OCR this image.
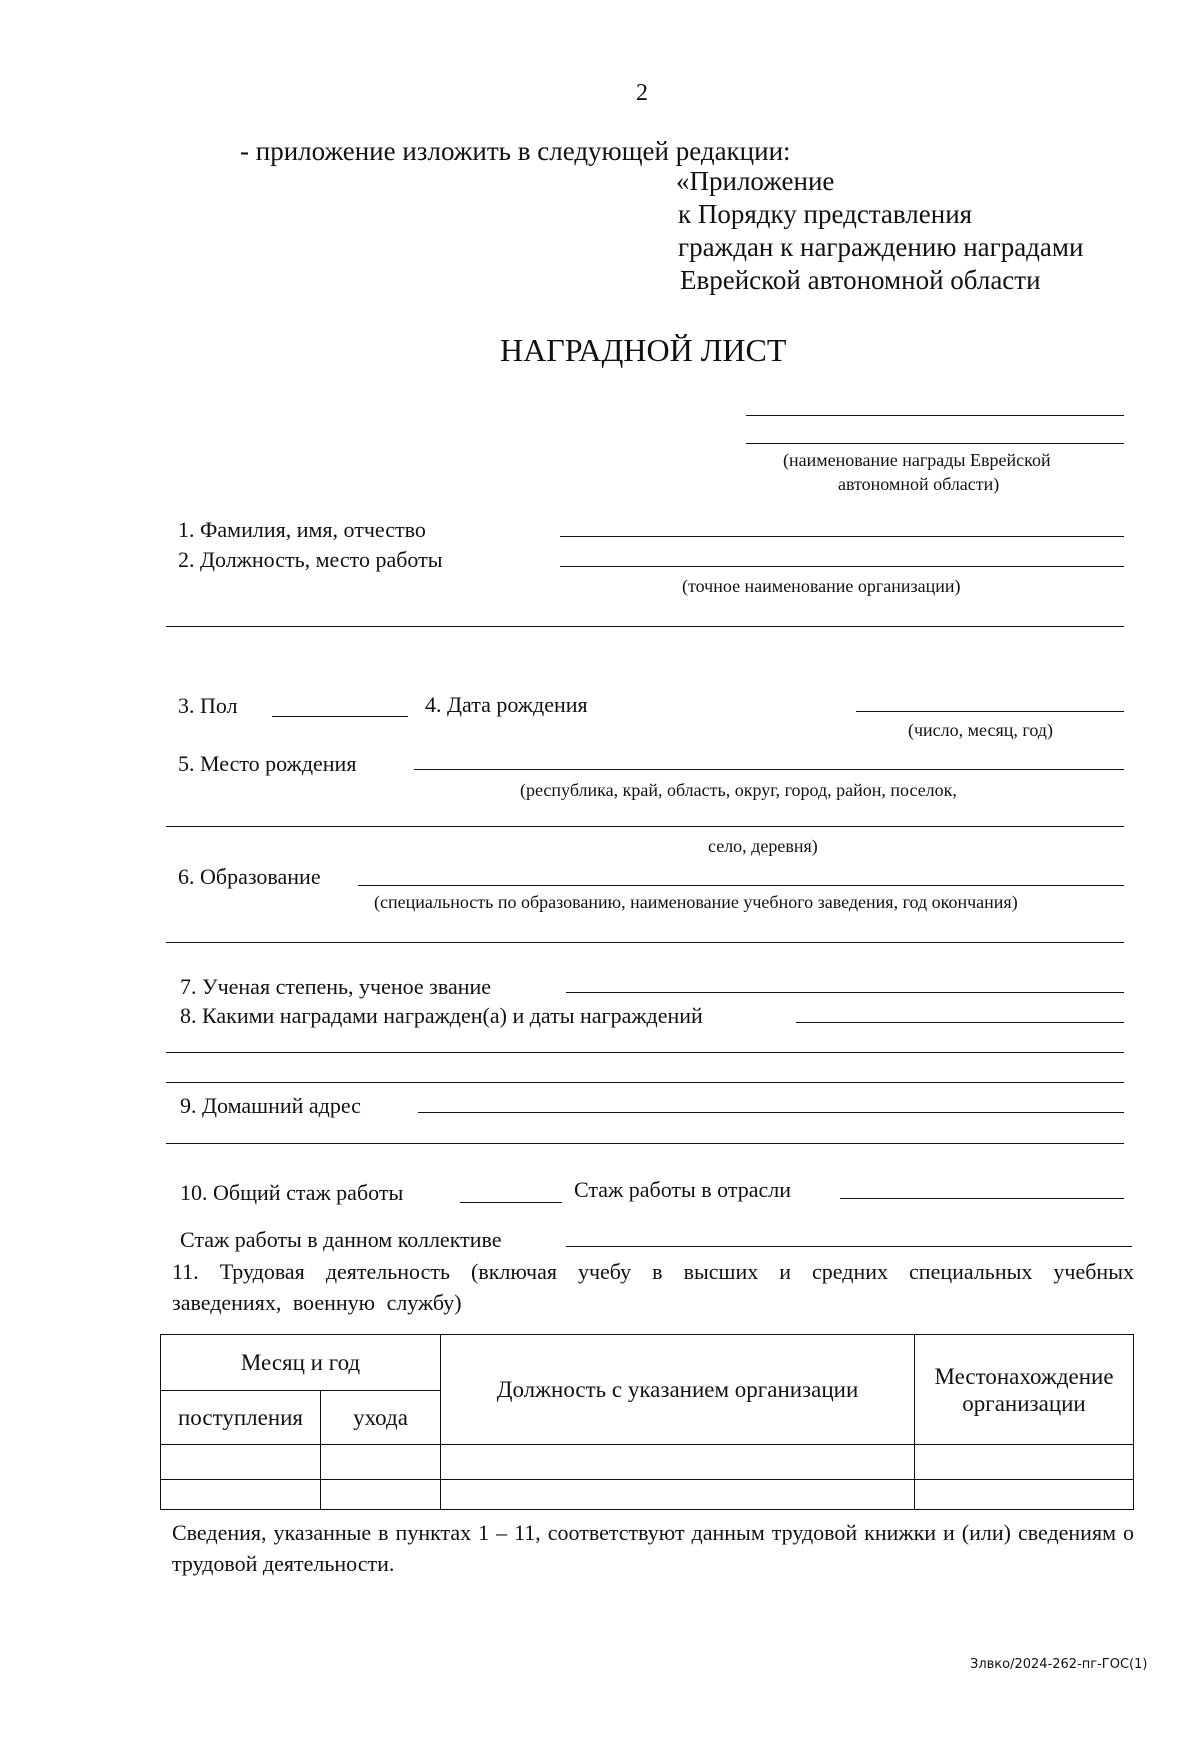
2
- приложение изложить в следующей редакции:
«Приложение
к Порядку представления
граждан к награждению наградами
Еврейской автономной области
НАГРАДНОЙ ЛИСТ
(наименование награды Еврейской
автономной области)
1. Фамилия, имя, отчество
2. Должность, место работы
(точное наименование организации)
3. Пол	4. Дата рождения
(число, месяц, год)
5. Место рождения
(республика, край, область, округ, город, район, поселок,
село, деревня)
6. Образование
(специальность по образованию, наименование учебного заведения, год окончания)
7. Ученая степень, ученое звание
8. Какими наградами награжден(а) и даты награждений
9. Домашний адрес
10. Общий стаж работы	Стаж работы в отрасли
Стаж работы в данном коллективе
11. Трудовая деятельность (включая учебу в высших и средних специальных учебных заведениях, военную службу)
Месяц и год		Должность с указанием организации	Местонахождение организации
поступления	ухода		

Сведения, указанные в пунктах 1 – 11, соответствуют данным трудовой книжки и (или) сведениям о трудовой деятельности.
Злвко/2024-262-пг-ГОС(1)
